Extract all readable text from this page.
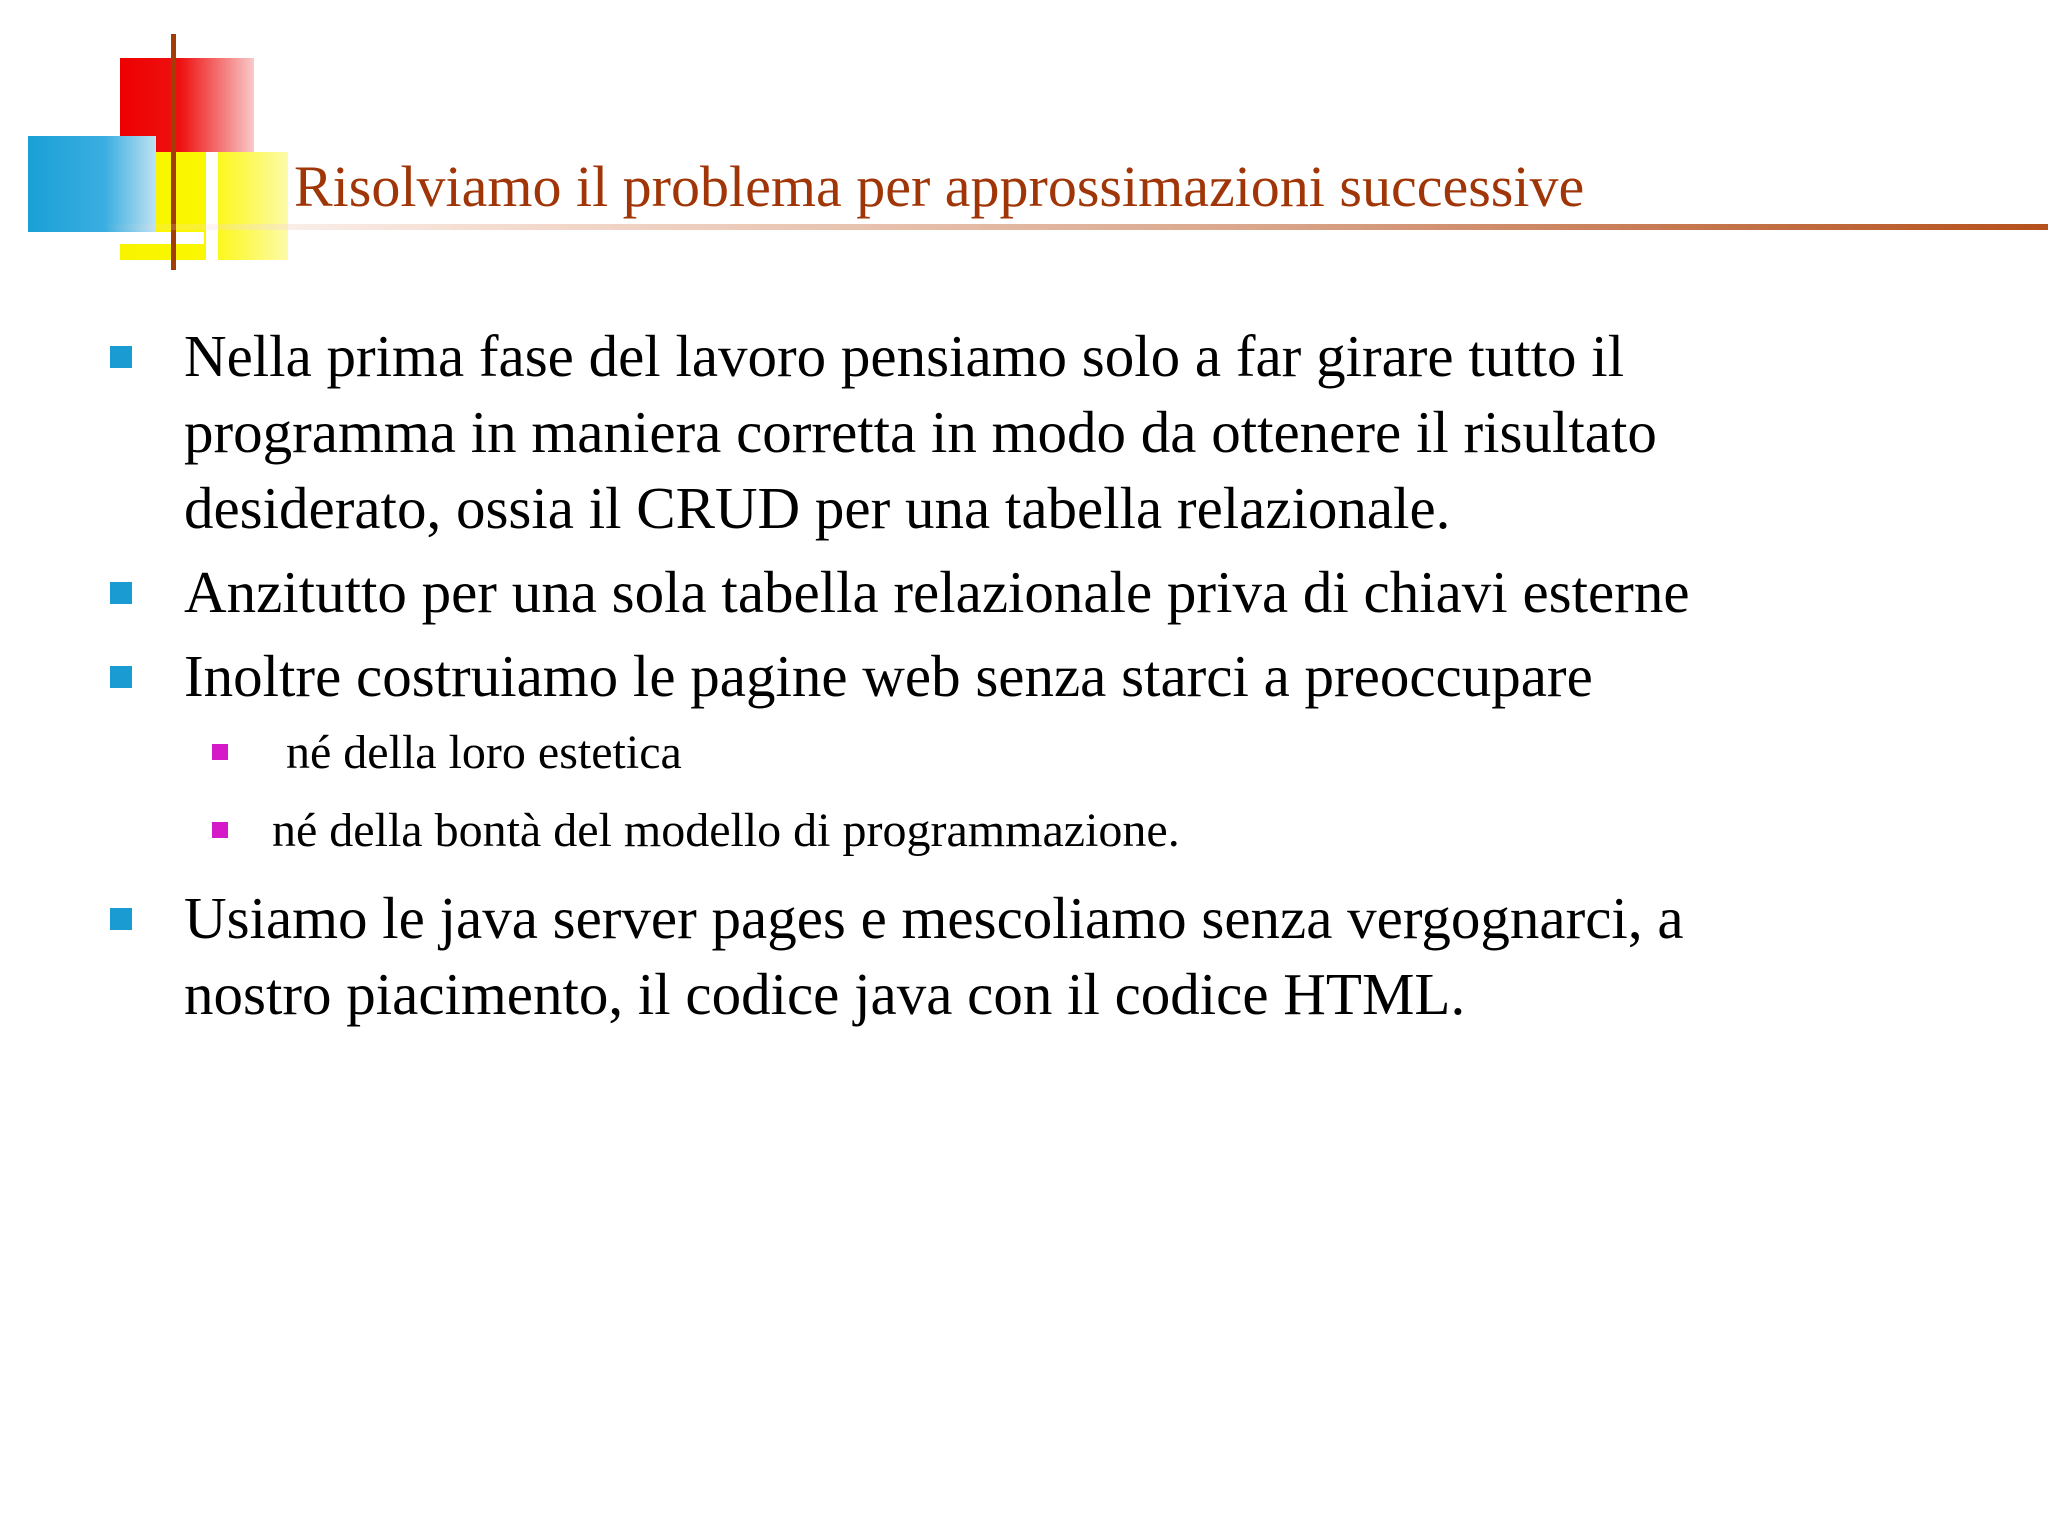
Risolviamo il problema per approssimazioni successive
Nella prima fase del lavoro pensiamo solo a far girare tutto il
programma in maniera corretta in modo da ottenere il risultato
desiderato, ossia il CRUD per una tabella relazionale.
Anzitutto per una sola tabella relazionale priva di chiavi esterne
Inoltre costruiamo le pagine web senza starci a preoccupare
né della loro estetica
né della bontà del modello di programmazione.
Usiamo le java server pages e mescoliamo senza vergognarci, a
nostro piacimento, il codice java con il codice HTML.
